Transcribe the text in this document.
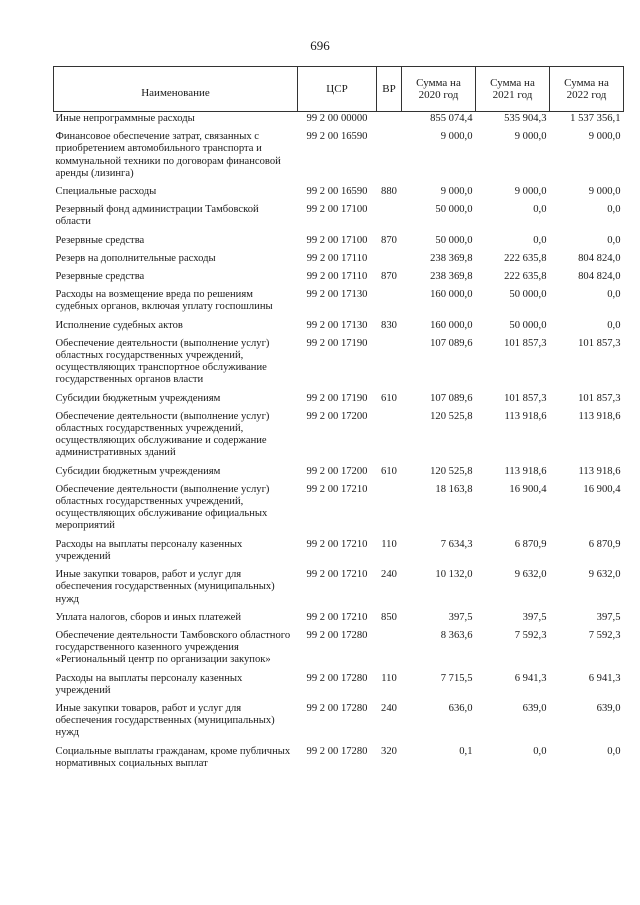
696
Наименование	ЦСР	ВР	Сумма на 2020 год	Сумма на 2021 год	Сумма на 2022 год
Иные непрограммные расходы	99 2 00 00000		855 074,4	535 904,3	1 537 356,1
Финансовое обеспечение затрат, связанных с приобретением автомобильного транспорта и коммунальной техники по договорам финансовой аренды (лизинга)	99 2 00 16590		9 000,0	9 000,0	9 000,0
Специальные расходы	99 2 00 16590	880	9 000,0	9 000,0	9 000,0
Резервный фонд администрации Тамбовской области	99 2 00 17100		50 000,0	0,0	0,0
Резервные средства	99 2 00 17100	870	50 000,0	0,0	0,0
Резерв на дополнительные расходы	99 2 00 17110		238 369,8	222 635,8	804 824,0
Резервные средства	99 2 00 17110	870	238 369,8	222 635,8	804 824,0
Расходы на возмещение вреда по решениям судебных органов, включая уплату госпошлины	99 2 00 17130		160 000,0	50 000,0	0,0
Исполнение судебных актов	99 2 00 17130	830	160 000,0	50 000,0	0,0
Обеспечение деятельности (выполнение услуг) областных государственных учреждений, осуществляющих транспортное обслуживание государственных органов власти	99 2 00 17190		107 089,6	101 857,3	101 857,3
Субсидии бюджетным учреждениям	99 2 00 17190	610	107 089,6	101 857,3	101 857,3
Обеспечение деятельности (выполнение услуг) областных государственных учреждений, осуществляющих обслуживание и содержание административных зданий	99 2 00 17200		120 525,8	113 918,6	113 918,6
Субсидии бюджетным учреждениям	99 2 00 17200	610	120 525,8	113 918,6	113 918,6
Обеспечение деятельности (выполнение услуг) областных государственных учреждений, осуществляющих обслуживание официальных мероприятий	99 2 00 17210		18 163,8	16 900,4	16 900,4
Расходы на выплаты персоналу казенных учреждений	99 2 00 17210	110	7 634,3	6 870,9	6 870,9
Иные закупки товаров, работ и услуг для обеспечения государственных (муниципальных) нужд	99 2 00 17210	240	10 132,0	9 632,0	9 632,0
Уплата налогов, сборов и иных платежей	99 2 00 17210	850	397,5	397,5	397,5
Обеспечение деятельности Тамбовского областного государственного казенного учреждения «Региональный центр по организации закупок»	99 2 00 17280		8 363,6	7 592,3	7 592,3
Расходы на выплаты персоналу казенных учреждений	99 2 00 17280	110	7 715,5	6 941,3	6 941,3
Иные закупки товаров, работ и услуг для обеспечения государственных (муниципальных) нужд	99 2 00 17280	240	636,0	639,0	639,0
Социальные выплаты гражданам, кроме публичных нормативных социальных выплат	99 2 00 17280	320	0,1	0,0	0,0
